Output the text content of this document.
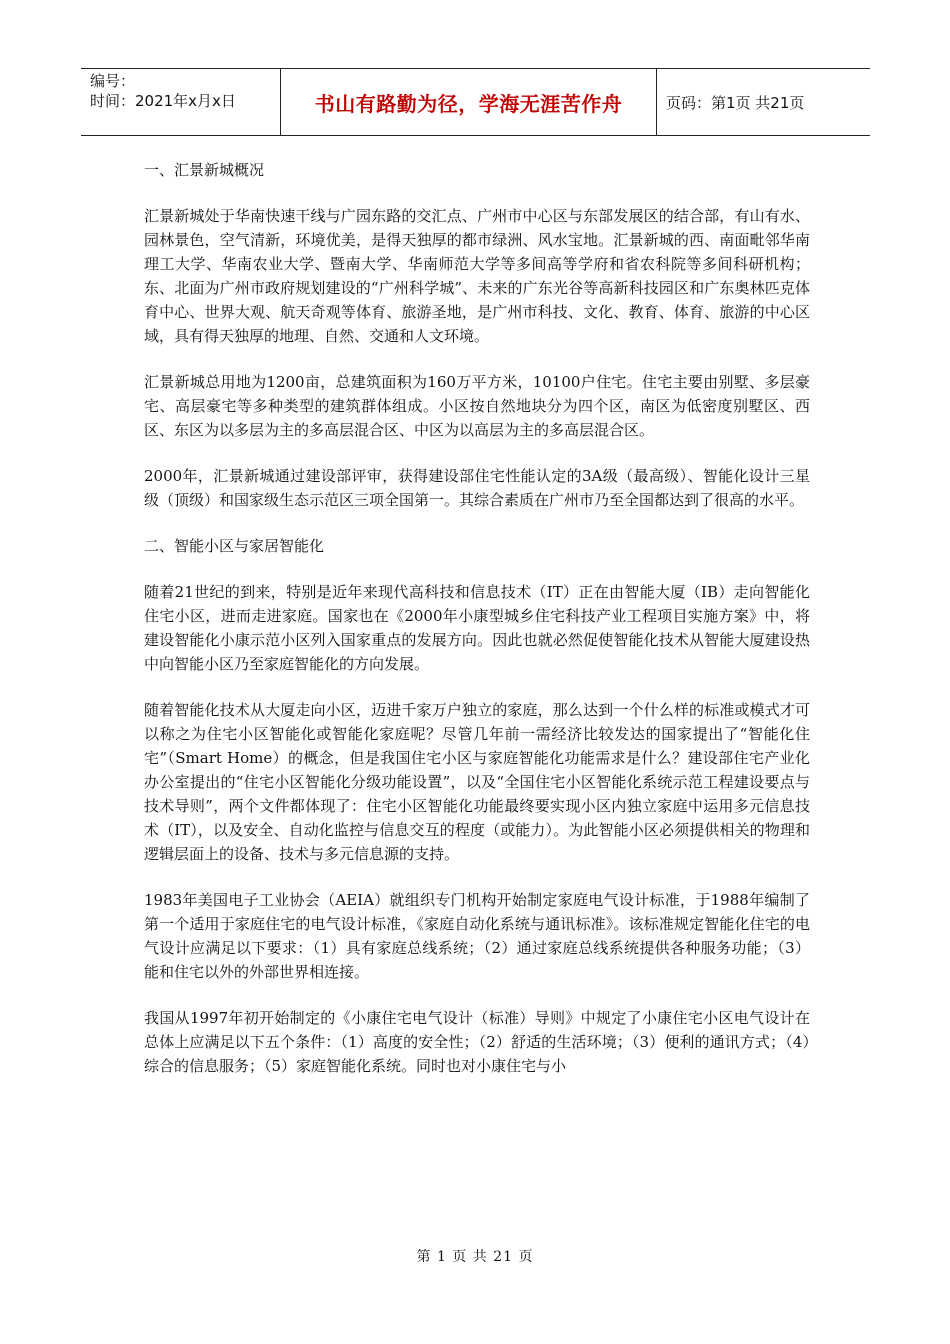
编号：
时间：2021年x月x日	书山有路勤为径，学海无涯苦作舟	页码：第1页 共21页

一、汇景新城概况

汇景新城处于华南快速干线与广园东路的交汇点、广州市中心区与东部发展区的结合部，有山有水、园林景色，空气清新，环境优美，是得天独厚的都市绿洲、风水宝地。汇景新城的西、南面毗邻华南理工大学、华南农业大学、暨南大学、华南师范大学等多间高等学府和省农科院等多间科研机构；东、北面为广州市政府规划建设的“广州科学城”、未来的广东光谷等高新科技园区和广东奥林匹克体育中心、世界大观、航天奇观等体育、旅游圣地，是广州市科技、文化、教育、体育、旅游的中心区域，具有得天独厚的地理、自然、交通和人文环境。

汇景新城总用地为1200亩，总建筑面积为160万平方米，10100户住宅。住宅主要由别墅、多层豪宅、高层豪宅等多种类型的建筑群体组成。小区按自然地块分为四个区，南区为低密度别墅区、西区、东区为以多层为主的多高层混合区、中区为以高层为主的多高层混合区。

2000年，汇景新城通过建设部评审，获得建设部住宅性能认定的3A级（最高级）、智能化设计三星级（顶级）和国家级生态示范区三项全国第一。其综合素质在广州市乃至全国都达到了很高的水平。

二、智能小区与家居智能化

随着21世纪的到来，特别是近年来现代高科技和信息技术（IT）正在由智能大厦（IB）走向智能化住宅小区，进而走进家庭。国家也在《2000年小康型城乡住宅科技产业工程项目实施方案》中，将建设智能化小康示范小区列入国家重点的发展方向。因此也就必然促使智能化技术从智能大厦建设热中向智能小区乃至家庭智能化的方向发展。

随着智能化技术从大厦走向小区，迈进千家万户独立的家庭，那么达到一个什么样的标准或模式才可以称之为住宅小区智能化或智能化家庭呢？尽管几年前一需经济比较发达的国家提出了“智能化住宅”（Smart Home）的概念，但是我国住宅小区与家庭智能化功能需求是什么？建设部住宅产业化办公室提出的“住宅小区智能化分级功能设置”，以及“全国住宅小区智能化系统示范工程建设要点与技术导则”，两个文件都体现了：住宅小区智能化功能最终要实现小区内独立家庭中运用多元信息技术（IT），以及安全、自动化监控与信息交互的程度（或能力）。为此智能小区必须提供相关的物理和逻辑层面上的设备、技术与多元信息源的支持。

1983年美国电子工业协会（AEIA）就组织专门机构开始制定家庭电气设计标准，于1988年编制了第一个适用于家庭住宅的电气设计标准，《家庭自动化系统与通讯标准》。该标准规定智能化住宅的电气设计应满足以下要求：（1）具有家庭总线系统；（2）通过家庭总线系统提供各种服务功能；（3）能和住宅以外的外部世界相连接。

我国从1997年初开始制定的《小康住宅电气设计（标准）导则》中规定了小康住宅小区电气设计在总体上应满足以下五个条件：（1）高度的安全性；（2）舒适的生活环境；（3）便利的通讯方式；（4）综合的信息服务；（5）家庭智能化系统。同时也对小康住宅与小

第 1 页 共 21 页
